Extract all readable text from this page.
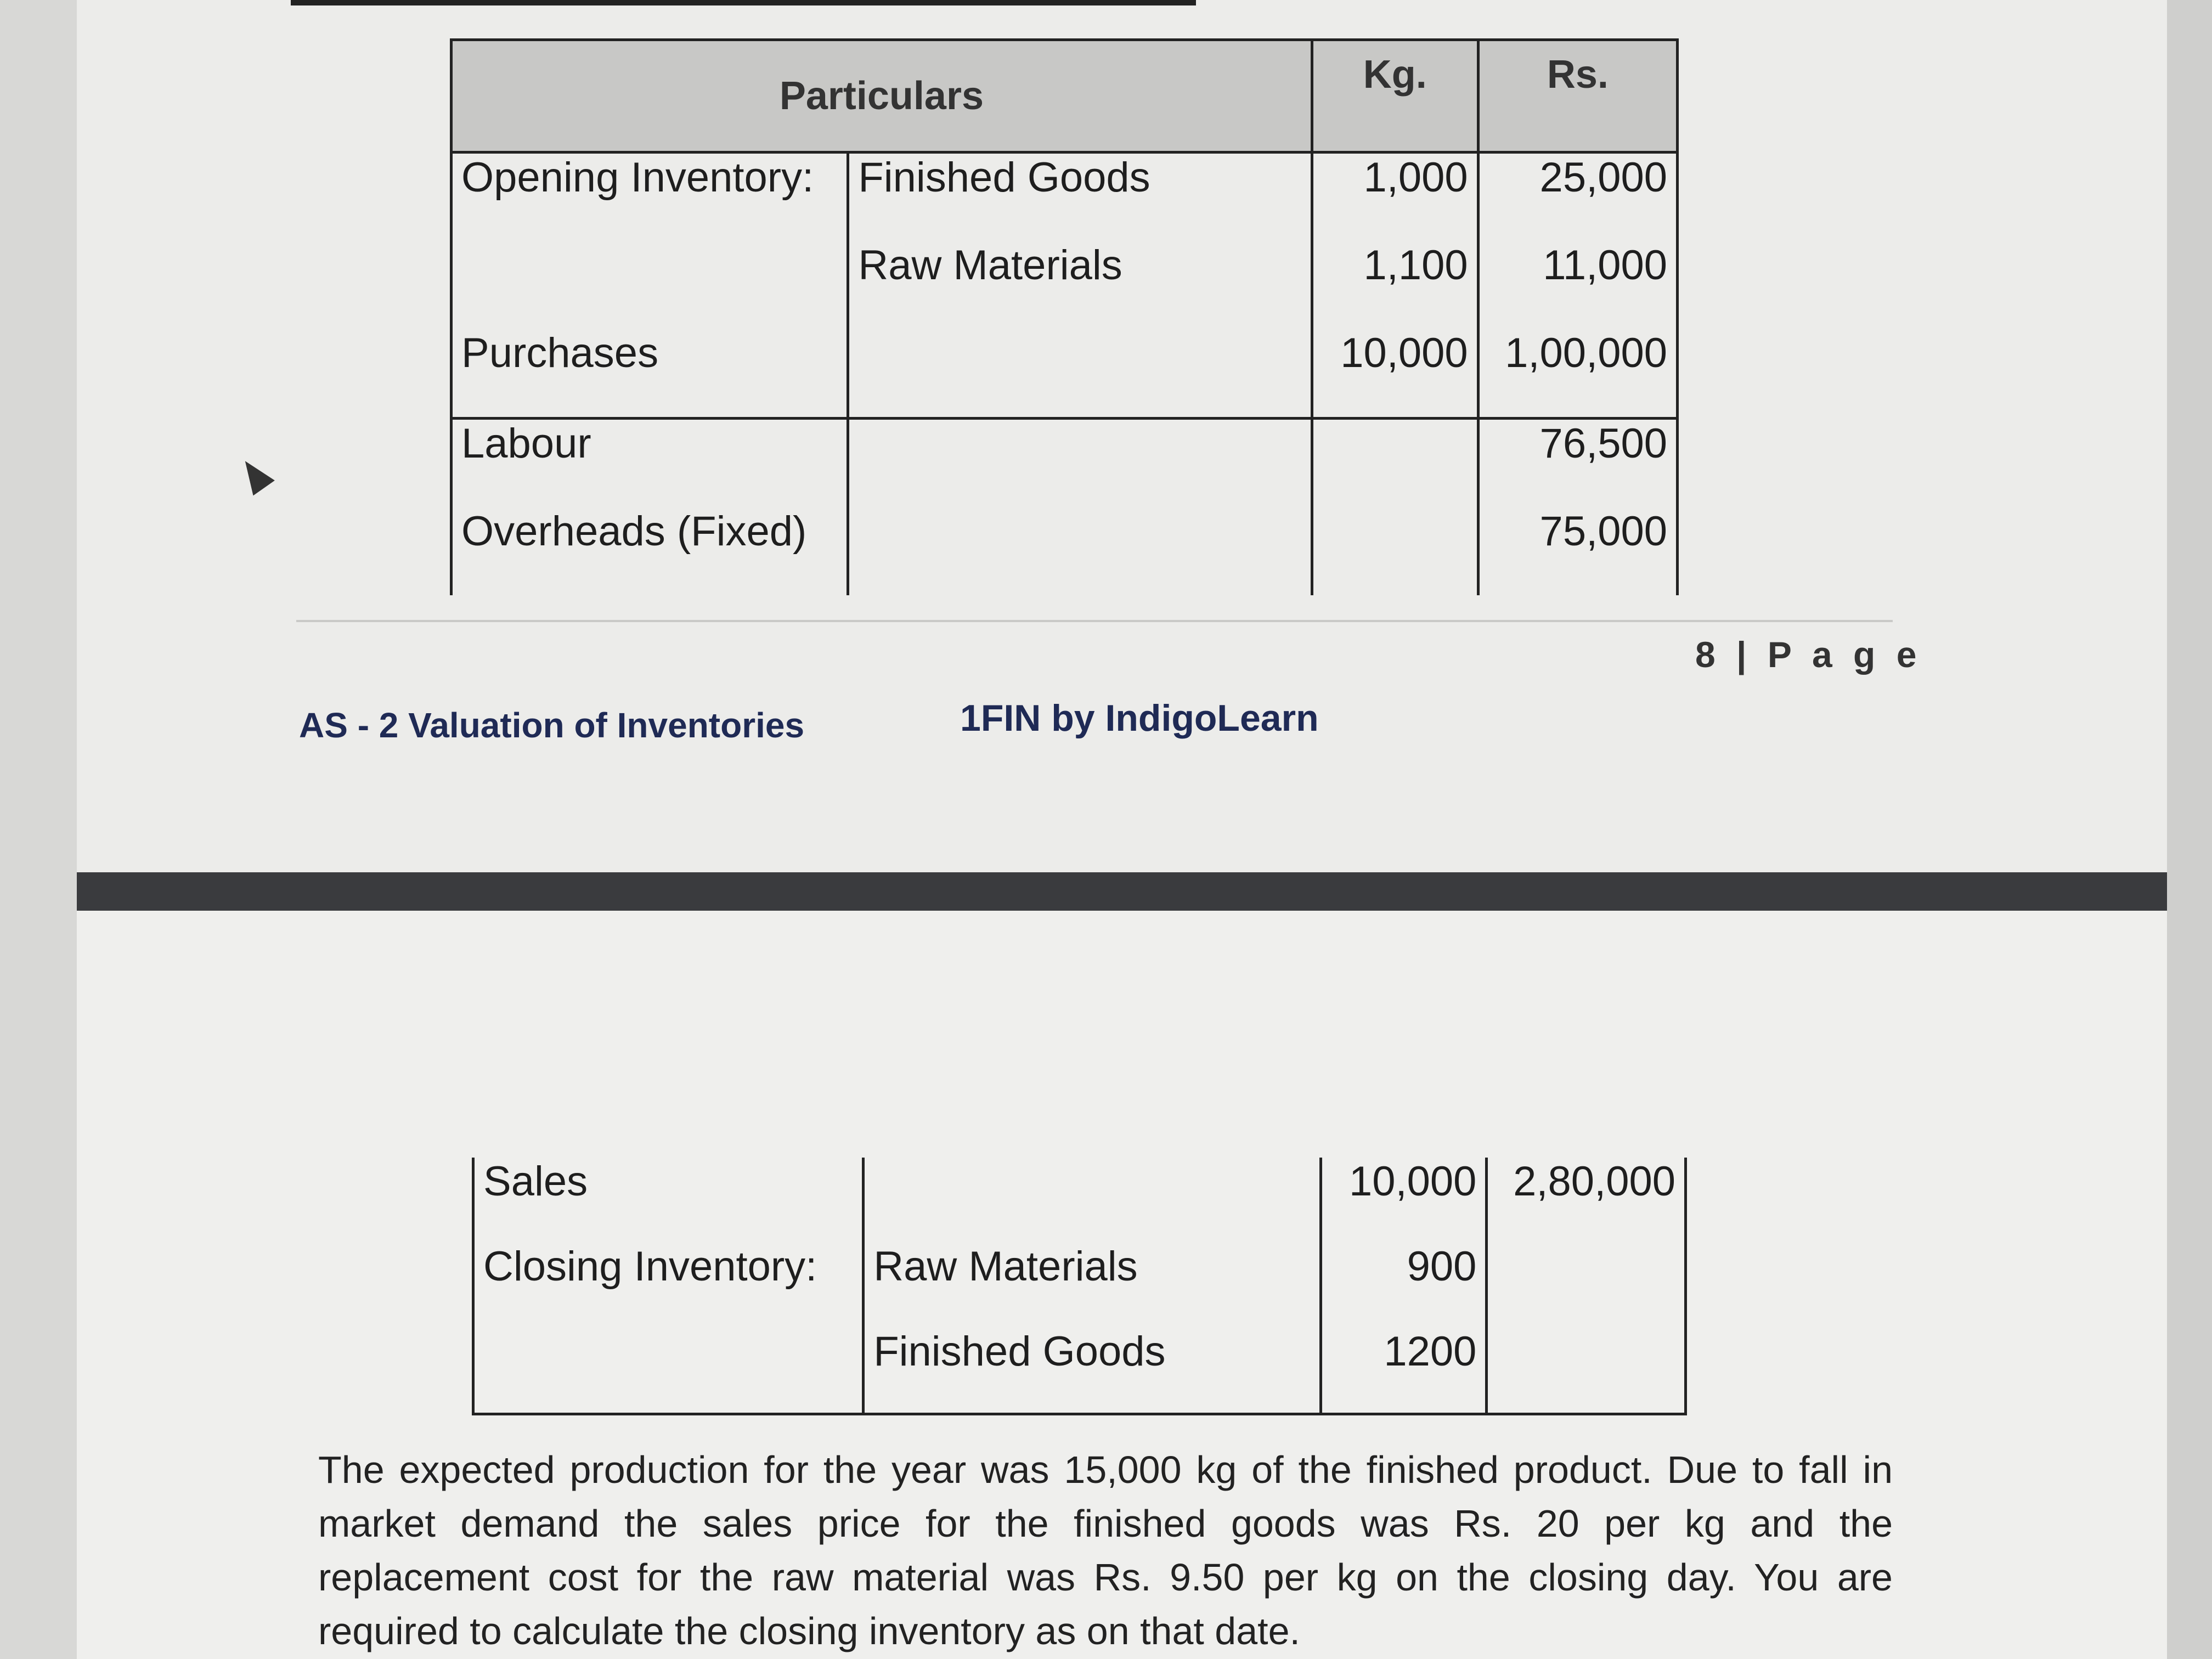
Particulars		Kg.	Rs.
Opening Inventory:	Finished Goods	1,000	25,000
	Raw Materials	1,100	11,000
Purchases		10,000	1,00,000
Labour			76,500
Overheads (Fixed)			75,000
8 | P a g e
AS - 2 Valuation of Inventories	1FIN by IndigoLearn
Sales		10,000	2,80,000
Closing Inventory:	Raw Materials	900	
	Finished Goods	1200	

The expected production for the year was 15,000 kg of the finished product. Due to fall in market demand the sales price for the finished goods was Rs. 20 per kg and the replacement cost for the raw material was Rs. 9.50 per kg on the closing day. You are required to calculate the closing inventory as on that date.
